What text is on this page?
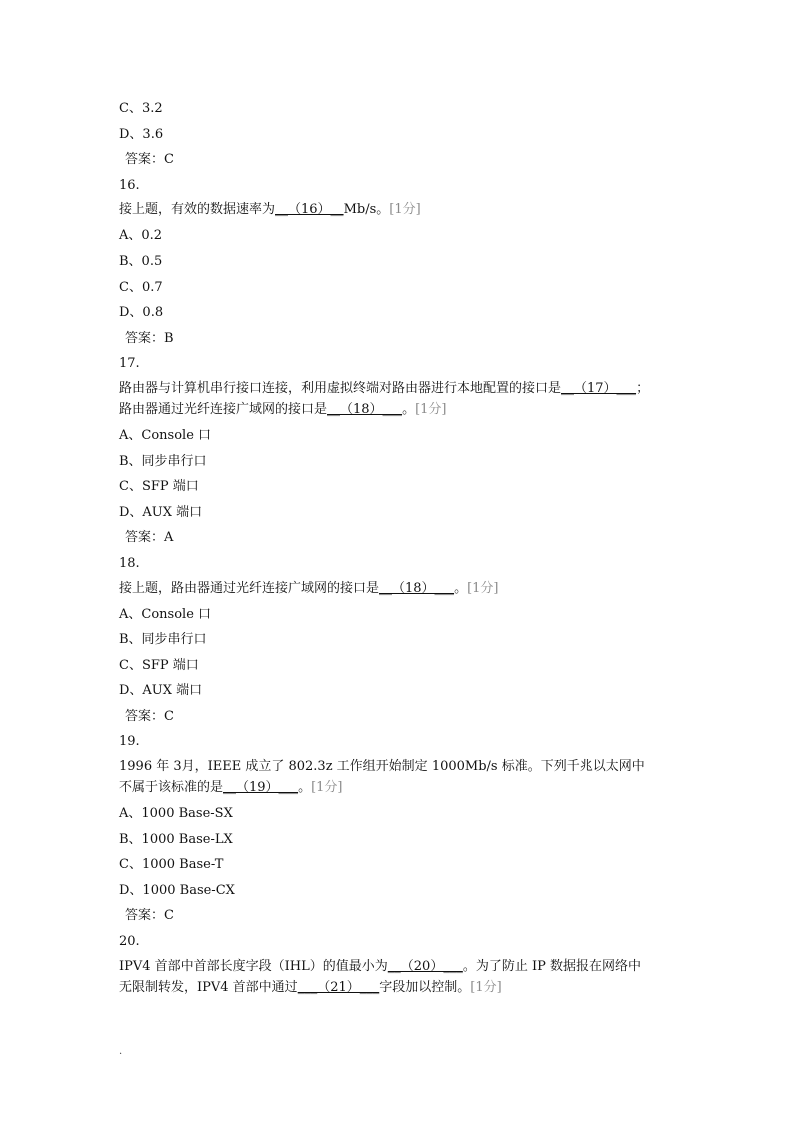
C、3.2
D、3.6
答案：C
16.
接上题，有效的数据速率为__（16）__Mb/s。[1分]
A、0.2
B、0.5
C、0.7
D、0.8
答案：B
17.
路由器与计算机串行接口连接，利用虚拟终端对路由器进行本地配置的接口是__（17）___；
路由器通过光纤连接广域网的接口是__（18）___。[1分]
A、Console 口
B、同步串行口
C、SFP 端口
D、AUX 端口
答案：A
18.
接上题，路由器通过光纤连接广域网的接口是__（18）___。[1分]
A、Console 口
B、同步串行口
C、SFP 端口
D、AUX 端口
答案：C
19.
1996 年 3月，IEEE 成立了 802.3z 工作组开始制定 1000Mb/s 标准。下列千兆以太网中
不属于该标准的是__（19）___。[1分]
A、1000 Base-SX
B、1000 Base-LX
C、1000 Base-T
D、1000 Base-CX
答案：C
20.
IPV4 首部中首部长度字段（IHL）的值最小为__（20）___。为了防止 IP 数据报在网络中
无限制转发，IPV4 首部中通过___（21）___字段加以控制。[1分]
.
